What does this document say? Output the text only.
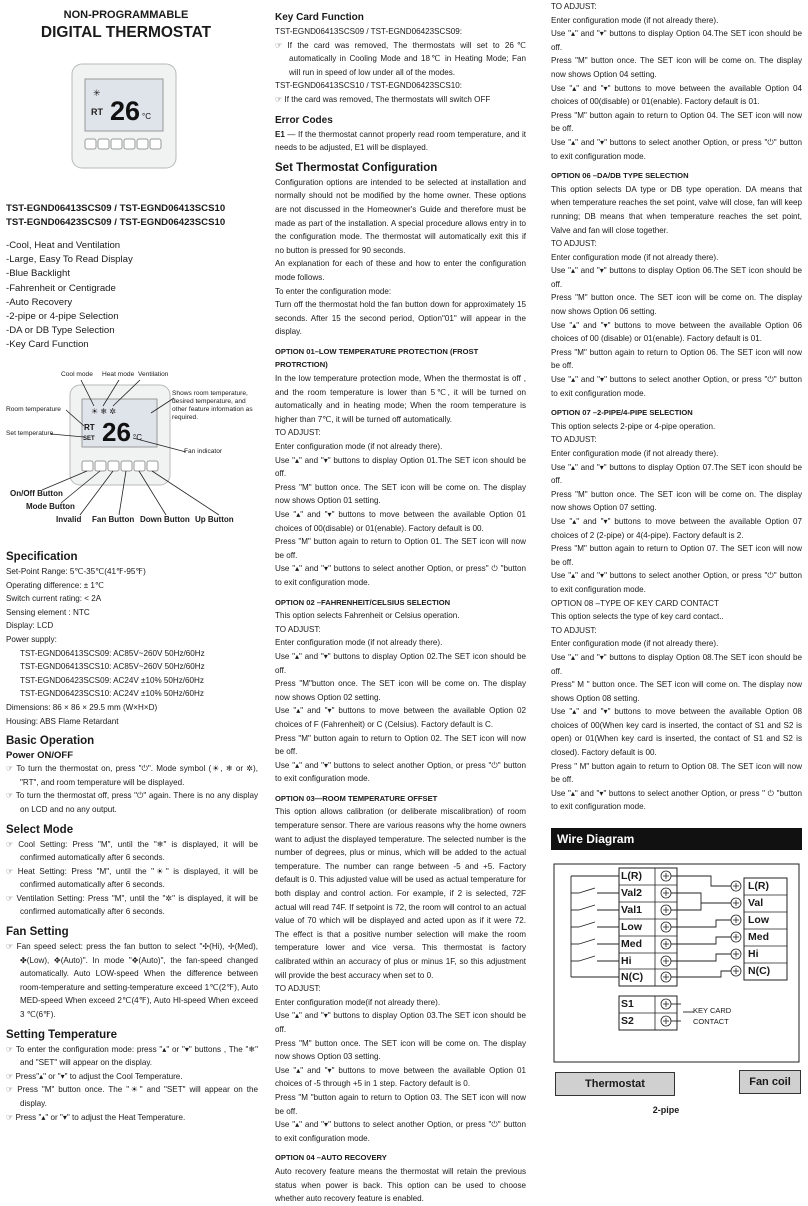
NON-PROGRAMMABLE
DIGITAL THERMOSTAT
✳
RT 26 °C
TST-EGND06413SCS09 / TST-EGND06413SCS10
TST-EGND06423SCS09 / TST-EGND06423SCS10

-Cool, Heat and Ventilation

-Large, Easy To Read Display

-Blue Backlight

-Fahrenheit or Centigrade

-Auto Recovery

-2-pipe or 4-pipe Selection

-DA or DB Type Selection

-Key Card Function

☀ ❄ ✲
RT
SET 26 °C
Cool mode Heat mode Ventilation
Room temperature
Set temperature
Shows room temperature, desired temperature, and other feature information as required.
Fan indicator
On/Off Button
Mode Button
Invalid Fan Button Down Button Up Button
Specification

Set-Point Range: 5℃-35℃(41℉-95℉)

Operating difference: ± 1℃

Switch current rating: < 2A

Sensing element : NTC

Display: LCD

Power supply:

TST-EGND06413SCS09: AC85V~260V 50Hz/60Hz

TST-EGND06413SCS10: AC85V~260V 50Hz/60Hz

TST-EGND06423SCS09: AC24V ±10% 50Hz/60Hz

TST-EGND06423SCS10: AC24V ±10% 50Hz/60Hz

Dimensions: 86 × 86 × 29.5 mm (W×H×D)

Housing: ABS Flame Retardant

Basic Operation
Power ON/OFF

☞ To turn the thermostat on, press "⏻". Mode symbol (☀, ❄ or ✲), "RT", and room temperature will be displayed.

☞ To turn the thermostat off, press "⏻" again. There is no any display on LCD and no any output.

Select Mode

☞ Cool Setting: Press "M", until the "❄" is displayed, it will be confirmed automatically after 6 seconds.

☞ Heat Setting: Press "M", until the "☀" is displayed, it will be confirmed automatically after 6 seconds.

☞ Ventilation Setting: Press "M", until the "✲" is displayed, it will be confirmed automatically after 6 seconds.

Fan Setting

☞ Fan speed select: press the fan button to select "✣(Hi), ✢(Med), ✤(Low), ✥(Auto)". In mode "✥(Auto)", the fan-speed changed automatically. Auto LOW-speed When the difference between room-temperature and setting-temperature exceed 1℃(2℉), Auto MED-speed When exceed 2℃(4℉), Auto HI-speed When exceed 3 ℃(6℉).

Setting Temperature

☞ To enter the configuration mode: press "▴" or "▾" buttons , The "❄" and "SET" will appear on the display.

☞ Press"▴" or "▾" to adjust the Cool Temperature.

☞ Press "M" button once. The "☀" and "SET" will appear on the display.

☞ Press "▴" or "▾" to adjust the Heat Temperature.

Key Card Function

TST-EGND06413SCS09 / TST-EGND06423SCS09:

☞ If the card was removed, The thermostats will set to 26℃ automatically in Cooling Mode and 18℃ in Heating Mode; Fan will run in speed of low under all of the modes.

TST-EGND06413SCS10 / TST-EGND06423SCS10:

☞ If the card was removed, The thermostats will switch OFF

Error Codes

E1 — If the thermostat cannot properly read room temperature, and it needs to be adjusted, E1 will be displayed.

Set Thermostat Configuration

Configuration options are intended to be selected at installation and normally should not be modified by the home owner. These options are not discussed in the Homeowner's Guide and therefore must be made as part of the installation. A special procedure allows entry in to the configuration mode. The thermostat will automatically exit this if no button is pressed for 90 seconds.

An explanation for each of these and how to enter the configuration mode follows.

To enter the configuration mode:

Turn off the thermostat hold the fan button down for approximately 15 seconds. After 15 the second period, Option"01" will appear in the display.

OPTION 01–LOW TEMPERATURE PROTECTION (FROST PROTRCTION)

In the low temperature protection mode, When the thermostat is off , and the room temperature is lower than 5℃, it will be turned on automatically and in heating mode; When the room temperature is higher than 7℃, it will be turned off automatically.

TO ADJUST:

Enter configuration mode (if not already there).

Use "▴" and "▾" buttons to display Option 01.The SET icon should be off.

Press "M" button once. The SET icon will be come on. The display now shows Option 01 setting.

Use "▴" and "▾" buttons to move between the available Option 01 choices of 00(disable) or 01(enable). Factory default is 00.

Press "M" button again to return to Option 01. The SET icon will now be off.

Use "▴" and "▾" buttons to select another Option, or press" ⏻ "button to exit configuration mode.

OPTION 02 –FAHRENHEIT/CELSIUS SELECTION

This option selects Fahrenheit or Celsius operation.

TO ADJUST:

Enter configuration mode (if not already there).

Use "▴" and "▾" buttons to display Option 02.The SET icon should be off.

Press "M"button once. The SET icon will be come on. The display now shows Option 02 setting.

Use "▴" and "▾" buttons to move between the available Option 02 choices of F (Fahrenheit) or C (Celsius). Factory default is C.

Press "M" button again to return to Option 02. The SET icon will now be off.

Use "▴" and "▾" buttons to select another Option, or press "⏻" button to exit configuration mode.

OPTION 03—ROOM TEMPERATURE OFFSET

This option allows calibration (or deliberate miscalibration) of room temperature sensor. There are various reasons why the home owners want to adjust the displayed temperature. The selected number is the number of degrees, plus or minus, which will be added to the actual temperature. The number can range between -5 and +5. Factory default is 0. This adjusted value will be used as actual temperature for both display and control action. For example, if 2 is selected, 72F actual will read 74F. If setpoint is 72, the room will control to an actual value of 70 which will be displayed and acted upon as if it were 72. The effect is that a positive number selection will make the room temperature lower and vice versa. This thermostat is factory calibrated within an accuracy of plus or minus 1F, so this adjustment will provide the best accuracy when set to 0.

TO ADJUST:

Enter configuration mode(if not already there).

Use "▴" and "▾" buttons to display Option 03.The SET icon should be off.

Press "M" button once. The SET icon will be come on. The display now shows Option 03 setting.

Use "▴" and "▾" buttons to move between the available Option 01 choices of -5 through +5 in 1 step. Factory default is 0.

Press "M "button again to return to Option 03. The SET icon will now be off.

Use "▴" and "▾" buttons to select another Option, or press "⏻" button to exit configuration mode.

OPTION 04 –AUTO RECOVERY

Auto recovery feature means the thermostat will retain the previous status when power is back. This option can be used to choose whether auto recovery feature is enabled.

TO ADJUST:

Enter configuration mode (if not already there).

Use "▴" and "▾" buttons to display Option 04.The SET icon should be off.

Press "M" button once. The SET icon will be come on. The display now shows Option 04 setting.

Use "▴" and "▾" buttons to move between the available Option 04 choices of 00(disable) or 01(enable). Factory default is 01.

Press "M" button again to return to Option 04. The SET icon will now be off.

Use "▴" and "▾" buttons to select another Option, or press "⏻" button to exit configuration mode.

OPTION 06 –DA/DB TYPE SELECTION

This option selects DA type or DB type operation. DA means that when temperature reaches the set point, valve will close, fan will keep running; DB means that when temperature reaches the set point, Valve and fan will close together.

TO ADJUST:

Enter configuration mode (if not already there).

Use "▴" and "▾" buttons to display Option 06.The SET icon should be off.

Press "M" button once. The SET icon will be come on. The display now shows Option 06 setting.

Use "▴" and "▾" buttons to move between the available Option 06 choices of 00 (disable) or 01(enable). Factory default is 01.

Press "M" button again to return to Option 06. The SET icon will now be off.

Use "▴" and "▾" buttons to select another Option, or press "⏻" button to exit configuration mode.

OPTION 07 –2-PIPE/4-PIPE SELECTION

This option selects 2-pipe or 4-pipe operation.

TO ADJUST:

Enter configuration mode (if not already there).

Use "▴" and "▾" buttons to display Option 07.The SET icon should be off.

Press "M" button once. The SET icon will be come on. The display now shows Option 07 setting.

Use "▴" and "▾" buttons to move between the available Option 07 choices of 2 (2-pipe) or 4(4-pipe). Factory default is 2.

Press "M" button again to return to Option 07. The SET icon will now be off.

Use "▴" and "▾" buttons to select another Option, or press "⏻" button to exit configuration mode.

OPTION 08 –TYPE OF KEY CARD CONTACT

This option selects the type of key card contact..

TO ADJUST:

Enter configuration mode (if not already there).

Use "▴" and "▾" buttons to display Option 08.The SET icon should be off.

Press" M " button once. The SET icon will come on. The display now shows Option 08 setting.

Use "▴" and "▾" buttons to move between the available Option 08 choices of 00(When key card is inserted, the contact of S1 and S2 is open) or 01(When key card is inserted, the contact of S1 and S2 is closed). Factory default is 00.

Press " M" button again to return to Option 08. The SET icon will now be off.

Use "▴" and "▾" buttons to select another Option, or press " ⏻ "button to exit configuration mode.

Wire Diagram
L(R)
Val2
Val1
Low
Med
Hi
N(C)
S1
S2
L(R)
Val
Low
Med
Hi
N(C)
KEY CARD CONTACT
Thermostat	Fan coil
2-pipe
